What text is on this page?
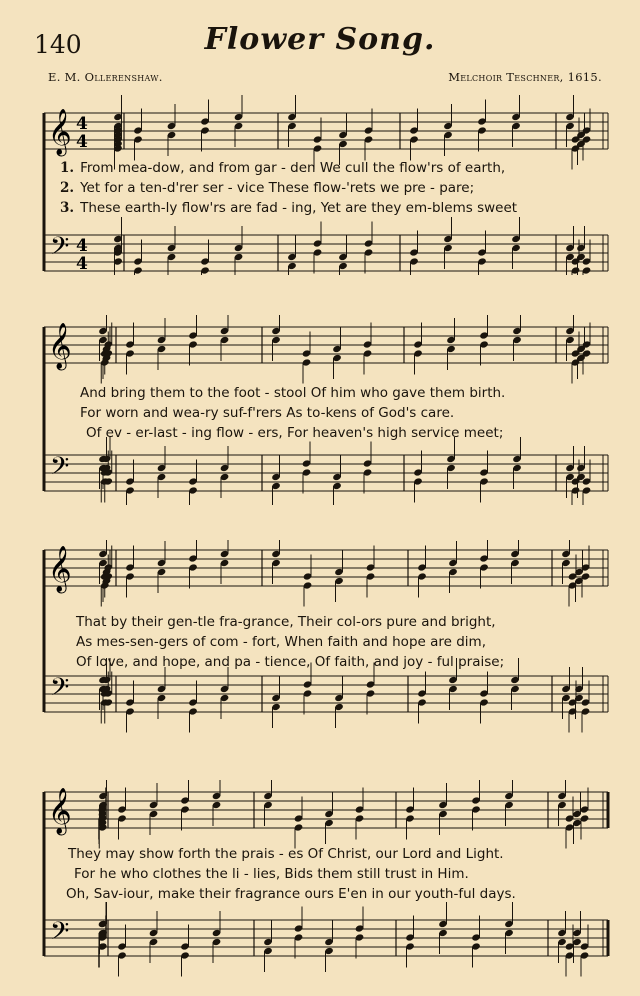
140	Flower Song.
E. M. Ollerenshaw.	Melchoir Teschner, 1615.
𝄞
𝄢
4
4
4
4
1. From mea-dow, and from gar - den We cull the flow'rs of earth,
2. Yet for a ten-d'rer ser - vice These flow-'rets we pre - pare;
3. These earth-ly flow'rs are fad - ing, Yet are they em-blems sweet
𝄞
𝄢
And bring them to the foot - stool Of him who gave them birth.
For worn and wea-ry suf-f'rers As to-kens of God's care.
Of ev - er-last - ing flow - ers, For heaven's high service meet;
𝄞
𝄢
That by their gen-tle fra-grance, Their col-ors pure and bright,
As mes-sen-gers of com - fort, When faith and hope are dim,
Of love, and hope, and pa - tience, Of faith, and joy - ful praise;
𝄞
𝄢
They may show forth the prais - es Of Christ, our Lord and Light.
For he who clothes the li - lies, Bids them still trust in Him.
Oh, Sav-iour, make their fragrance ours E'en in our youth-ful days.
